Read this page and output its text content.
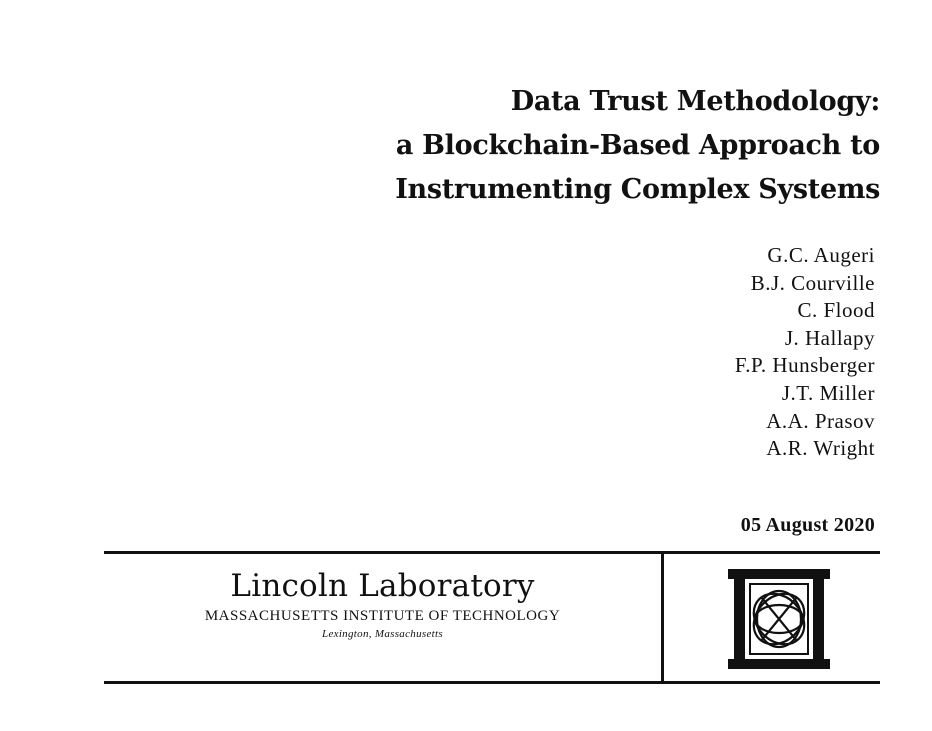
Data Trust Methodology:
a Blockchain-Based Approach to
Instrumenting Complex Systems
G.C. Augeri
B.J. Courville
C. Flood
J. Hallapy
F.P. Hunsberger
J.T. Miller
A.A. Prasov
A.R. Wright
05 August 2020
Lincoln Laboratory
MASSACHUSETTS INSTITUTE OF TECHNOLOGY
Lexington, Massachusetts
